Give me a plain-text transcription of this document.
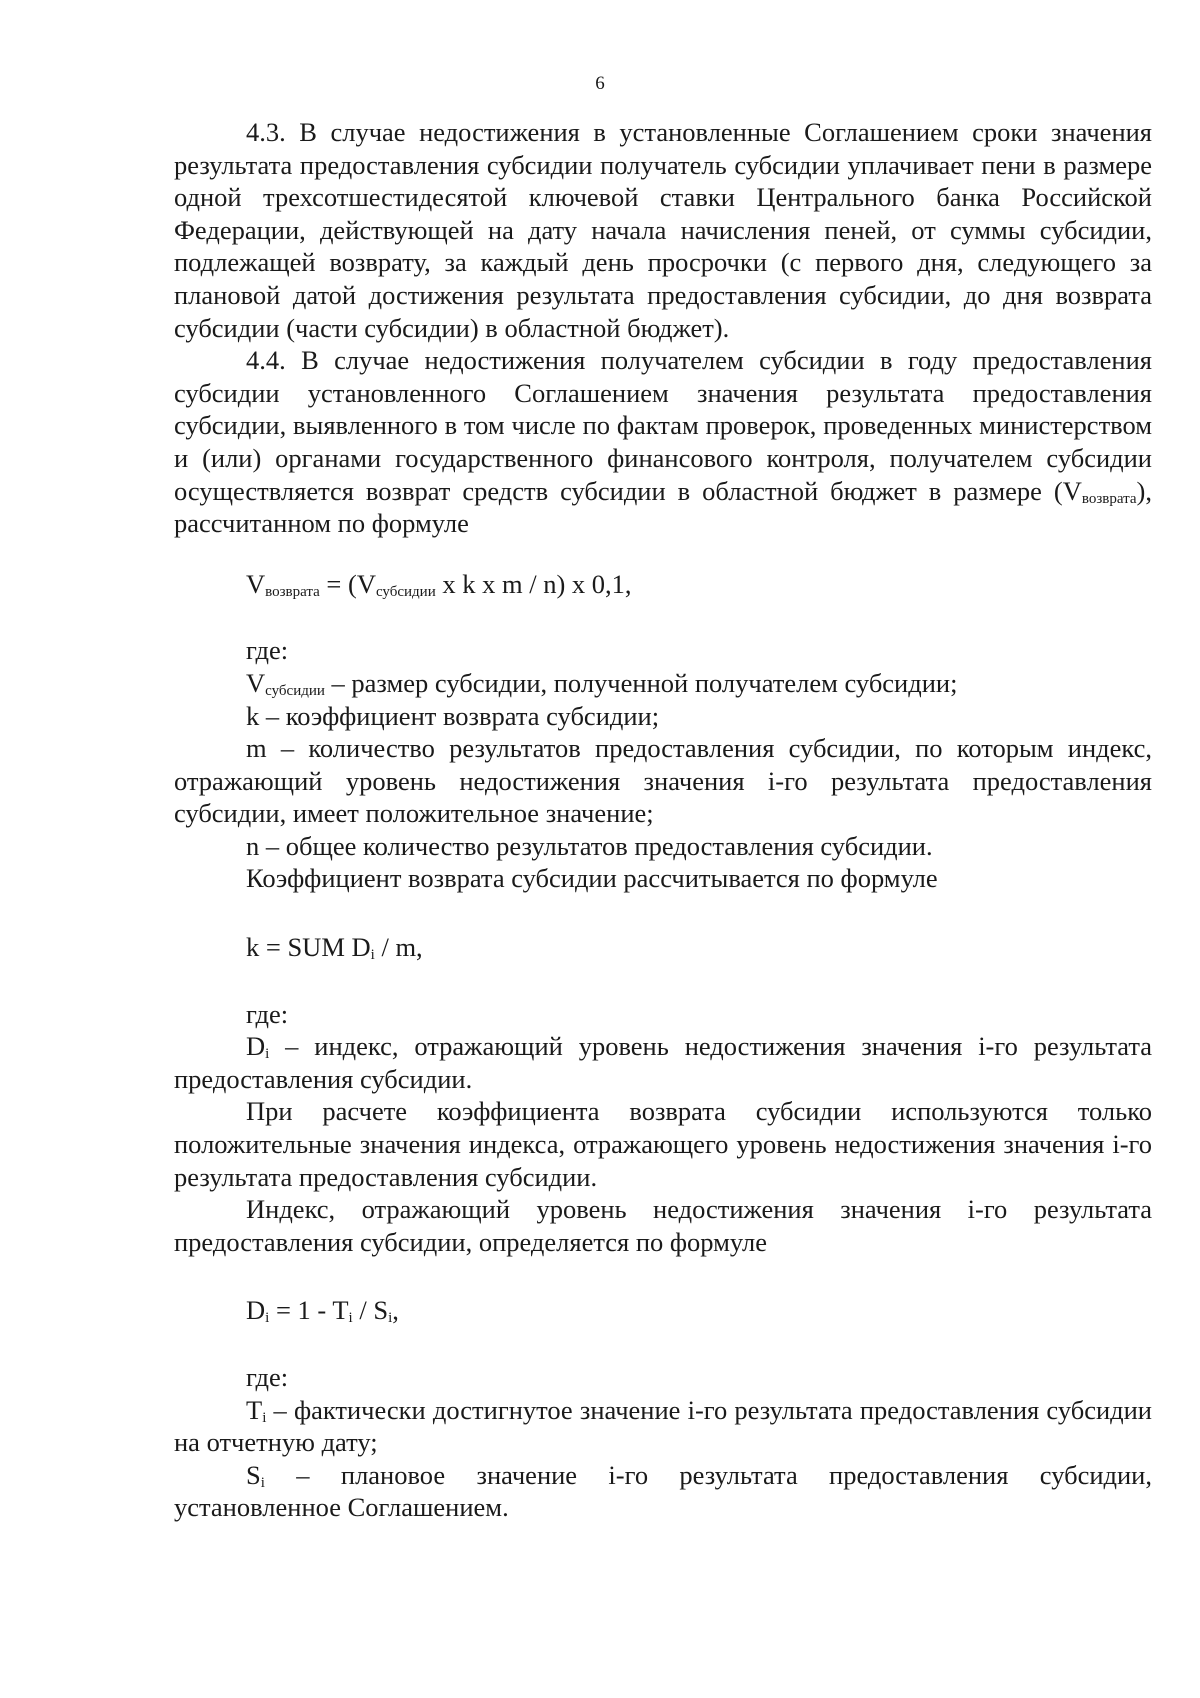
6

4.3. В случае недостижения в установленные Соглашением сроки значения результата предоставления субсидии получатель субсидии уплачивает пени в размере одной трехсотшестидесятой ключевой ставки Центрального банка Российской Федерации, действующей на дату начала начисления пеней, от суммы субсидии, подлежащей возврату, за каждый день просрочки (с первого дня, следующего за плановой датой достижения результата предоставления субсидии, до дня возврата субсидии (части субсидии) в областной бюджет).

4.4. В случае недостижения получателем субсидии в году предоставления субсидии установленного Соглашением значения результата предоставления субсидии, выявленного в том числе по фактам проверок, проведенных министерством и (или) органами государственного финансового контроля, получателем субсидии осуществляется возврат средств субсидии в областной бюджет в размере $(V_{возврата})$, рассчитанном по формуле

$V_{возврата} = (V_{субсидии}$ x k x m / n) x 0,1,

где:

$V_{субсидии}$ – размер субсидии, полученной получателем субсидии;

k – коэффициент возврата субсидии;

m – количество результатов предоставления субсидии, по которым индекс, отражающий уровень недостижения значения i-го результата предоставления субсидии, имеет положительное значение;

n – общее количество результатов предоставления субсидии.

Коэффициент возврата субсидии рассчитывается по формуле

k = SUM $D_i$ / m,

где:

$D_i$ – индекс, отражающий уровень недостижения значения i-го результата предоставления субсидии.

При расчете коэффициента возврата субсидии используются только положительные значения индекса, отражающего уровень недостижения значения i-го результата предоставления субсидии.

Индекс, отражающий уровень недостижения значения i-го результата предоставления субсидии, определяется по формуле

$D_i = 1 - T_i / S_i$,

где:

$T_i$ – фактически достигнутое значение i-го результата предоставления субсидии на отчетную дату;

$S_i$ – плановое значение i-го результата предоставления субсидии, установленное Соглашением.
